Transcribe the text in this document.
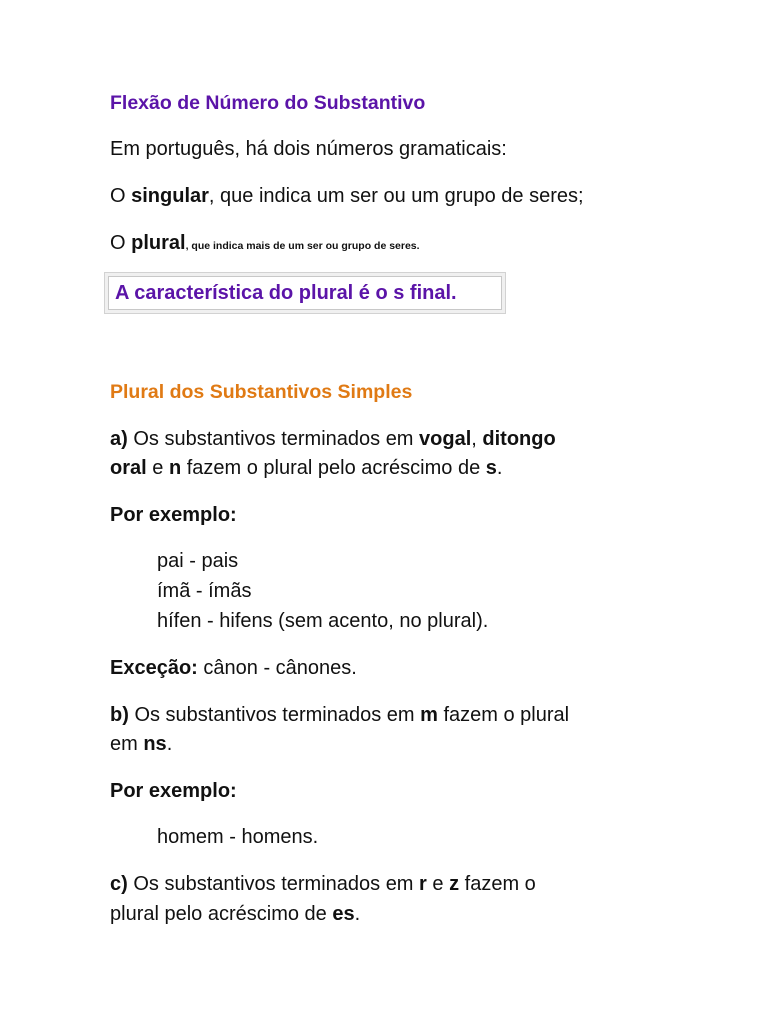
Flexão de Número do Substantivo
Em português, há dois números gramaticais:
O singular, que indica um ser ou um grupo de seres;
O plural, que indica mais de um ser ou grupo de seres.
A característica do plural é o s final.
Plural dos Substantivos Simples
a) Os substantivos terminados em vogal, ditongo
oral e n fazem o plural pelo acréscimo de s.
Por exemplo:
pai - pais
ímã - ímãs
hífen - hifens (sem acento, no plural).
Exceção: cânon - cânones.
b) Os substantivos terminados em m fazem o plural
em ns.
Por exemplo:
homem - homens.
c) Os substantivos terminados em r e z fazem o
plural pelo acréscimo de es.
